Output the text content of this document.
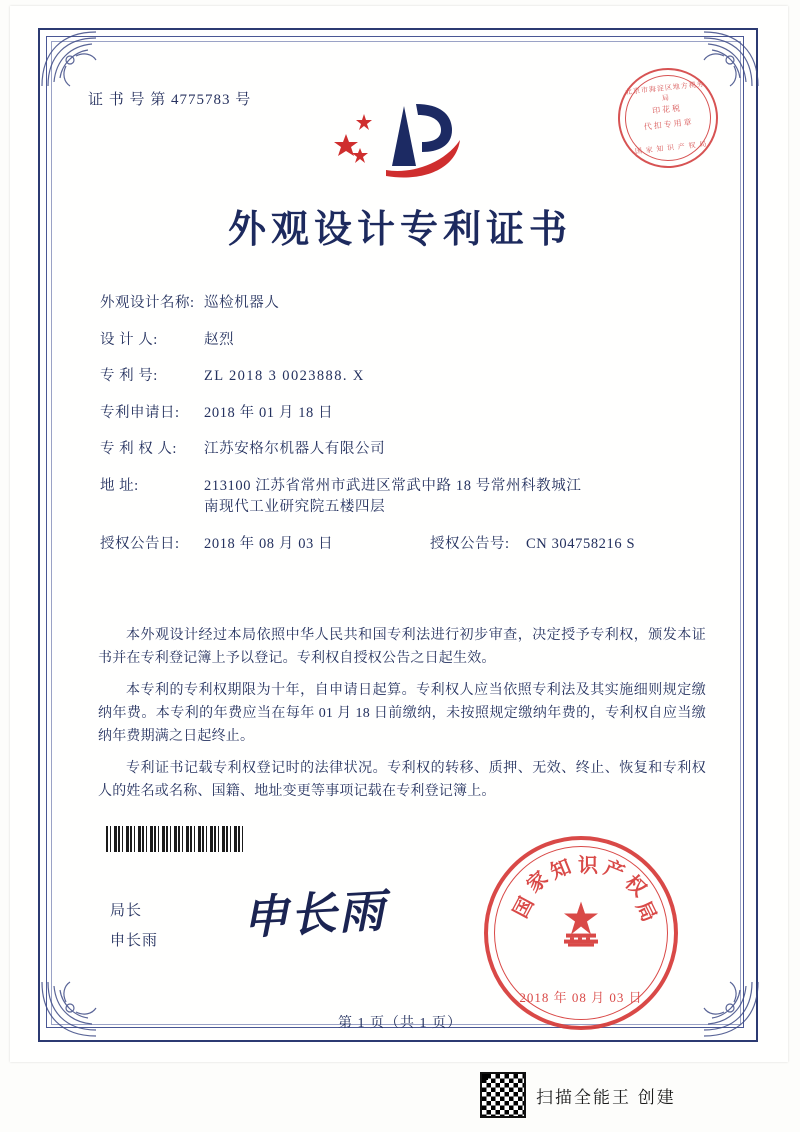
证 书 号 第 4775783 号
北京市海淀区地方税务局
印花税
代扣专用章
国 家 知 识 产 权 局
外观设计专利证书
外观设计名称: 巡检机器人
设 计 人:	赵烈
专 利 号:	ZL 2018 3 0023888. X
专利申请日:	2018 年 01 月 18 日
专 利 权 人:	江苏安格尔机器人有限公司
地 址:	213100 江苏省常州市武进区常武中路 18 号常州科教城江
南现代工业研究院五楼四层
授权公告日:	2018 年 08 月 03 日	授权公告号:	CN 304758216 S

本外观设计经过本局依照中华人民共和国专利法进行初步审查，决定授予专利权，颁发本证书并在专利登记簿上予以登记。专利权自授权公告之日起生效。

本专利的专利权期限为十年，自申请日起算。专利权人应当依照专利法及其实施细则规定缴纳年费。本专利的年费应当在每年 01 月 18 日前缴纳，未按照规定缴纳年费的，专利权自应当缴纳年费期满之日起终止。

专利证书记载专利权登记时的法律状况。专利权的转移、质押、无效、终止、恢复和专利权人的姓名或名称、国籍、地址变更等事项记载在专利登记簿上。

局长
申长雨 申长雨	国
家
知 识 产
权
局
2018 年 08 月 03 日
第 1 页（共 1 页）
扫描全能王 创建
